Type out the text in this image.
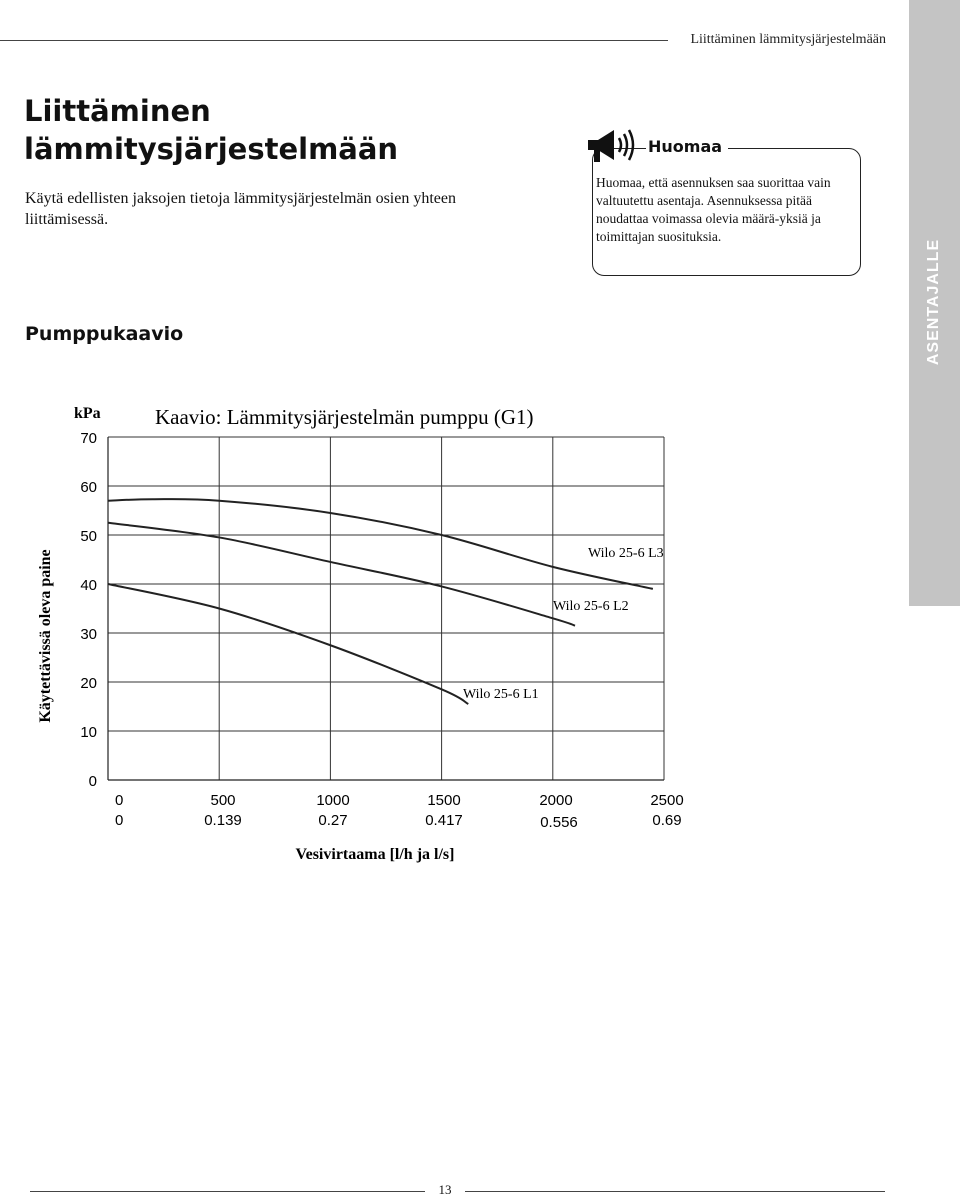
Liittäminen lämmitysjärjestelmään
ASENTAJALLE
Liittäminen lämmitysjärjestelmään

Käytä edellisten jaksojen tietoja lämmitysjärjestelmän osien yhteen liittämisessä.

Huomaa
Huomaa, että asennuksen saa suorittaa vain valtuutettu asentaja. Asennuksessa pitää noudattaa voimassa olevia määrä-yksiä ja toimittajan suosituksia.
Pumppukaavio
Kaavio: Lämmitysjärjestelmän pumppu (G1)
kPa
Käytettävissä oleva paine
Vesivirtaama [l/h ja l/s]
0
10
20
30
40
50
60
70
0
0
500
0.139
1000
0.27
1500
0.417
2000
0.556
2500
0.69
Wilo 25-6 L3
Wilo 25-6 L2
Wilo 25-6 L1
13
